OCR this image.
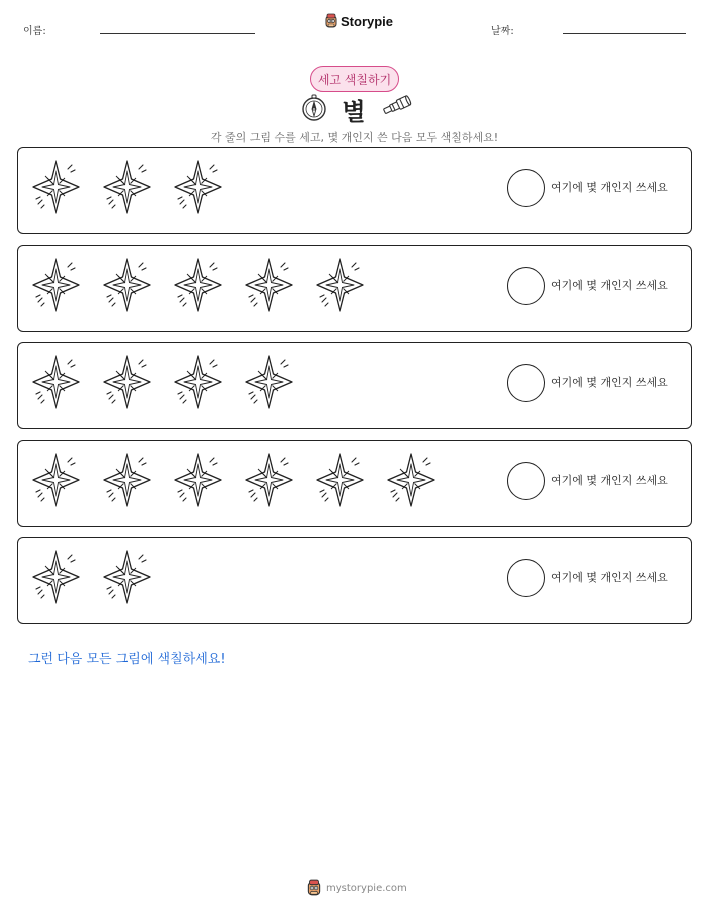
이름:
Storypie
날짜:
세고 색칠하기
별
각 줄의 그림 수를 세고, 몇 개인지 쓴 다음 모두 색칠하세요!
여기에 몇 개인지 쓰세요
여기에 몇 개인지 쓰세요
여기에 몇 개인지 쓰세요
여기에 몇 개인지 쓰세요
여기에 몇 개인지 쓰세요
그런 다음 모든 그림에 색칠하세요!
mystorypie.com
